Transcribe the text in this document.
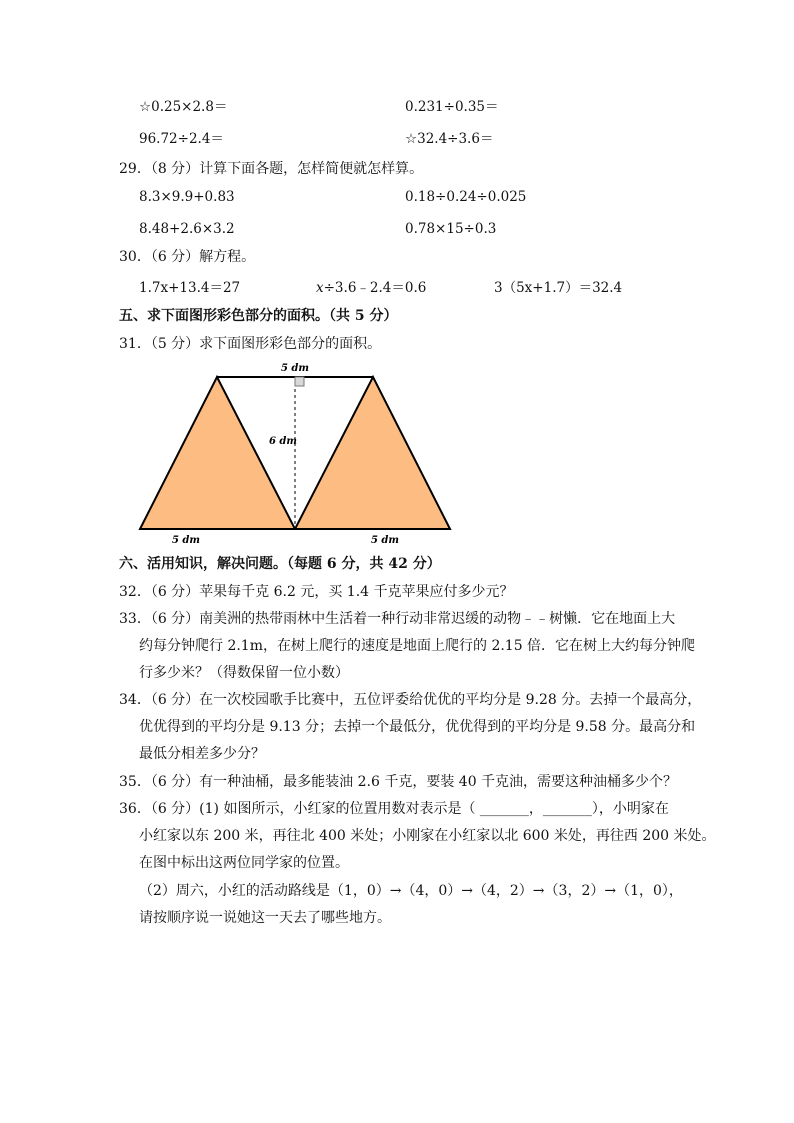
☆0.25×2.8＝	0.231÷0.35＝
96.72÷2.4＝	☆32.4÷3.6＝
29．（8 分）计算下面各题，怎样简便就怎样算。
8.3×9.9+0.83	0.18÷0.24÷0.025
8.48+2.6×3.2	0.78×15÷0.3
30．（6 分）解方程。
1.7x+13.4＝27	x÷3.6﹣2.4＝0.6	3（5x+1.7）＝32.4
五、求下面图形彩色部分的面积。（共 5 分）
31．（5 分）求下面图形彩色部分的面积。
5 dm
6 dm
5 dm	5 dm
六、活用知识，解决问题。（每题 6 分，共 42 分）
32．（6 分）苹果每千克 6.2 元，买 1.4 千克苹果应付多少元？
33．（6 分）南美洲的热带雨林中生活着一种行动非常迟缓的动物﹣﹣树懒．它在地面上大
约每分钟爬行 2.1m，在树上爬行的速度是地面上爬行的 2.15 倍．它在树上大约每分钟爬
行多少米？（得数保留一位小数）
34．（6 分）在一次校园歌手比赛中，五位评委给优优的平均分是 9.28 分。去掉一个最高分，
优优得到的平均分是 9.13 分；去掉一个最低分，优优得到的平均分是 9.58 分。最高分和
最低分相差多少分？
35．（6 分）有一种油桶，最多能装油 2.6 千克，要装 40 千克油，需要这种油桶多少个？
36．（6 分）(1) 如图所示，小红家的位置用数对表示是（ _______，_______），小明家在
小红家以东 200 米，再往北 400 米处；小刚家在小红家以北 600 米处，再往西 200 米处。
在图中标出这两位同学家的位置。
（2）周六，小红的活动路线是（1，0）→（4，0）→（4，2）→（3，2）→（1，0），
请按顺序说一说她这一天去了哪些地方。
